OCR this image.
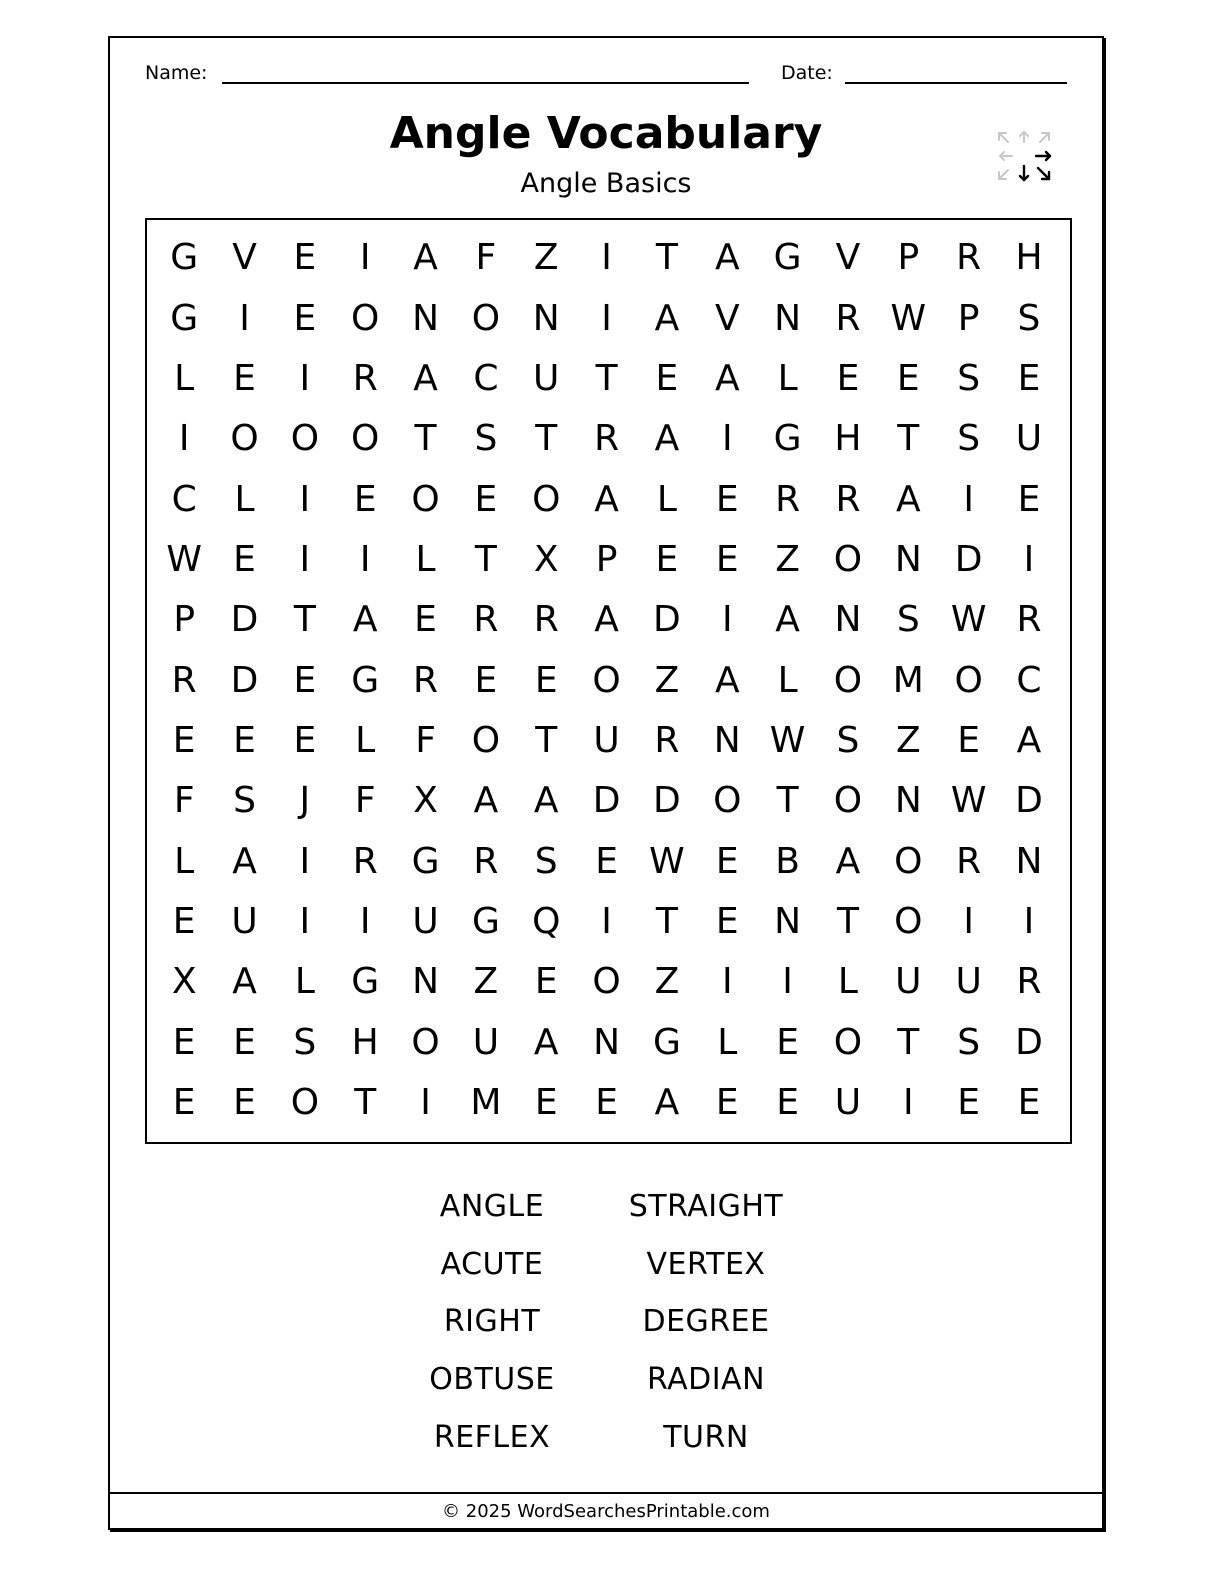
Name:	Date:
Angle Vocabulary
Angle Basics
G V	E	I	A	F	Z	I	T	A G V	P	R H
G	I	E O N O N	I	A V N R W P	S
L	E	I	R A C U	T	E	A	L	E	E	S	E
I	O O O T	S	T	R A	I	G H T	S U
C	L	I	E O E O A	L	E	R R A	I	E
W E	I	I	L	T	X	P	E	E	Z O N D	I
P D T	A	E	R R A D	I	A N S W R
R D E G R	E	E O Z A	L	O M O C
E	E	E	L	F O T	U R N W S	Z	E	A
F	S	J	F	X A A D D O T O N W D
L	A	I	R G R	S	E W E	B A O R N
E U	I	I	U G Q	I	T	E N T O	I	I
X A	L	G N Z	E O Z	I	I	L	U U R
E	E	S H O U A N G	L	E O T	S D
E	E O T	I	M E	E	A	E	E U	I	E	E
ANGLE
ACUTE
RIGHT
OBTUSE
REFLEX
STRAIGHT
VERTEX
DEGREE
RADIAN
TURN
© 2025 WordSearchesPrintable.com
